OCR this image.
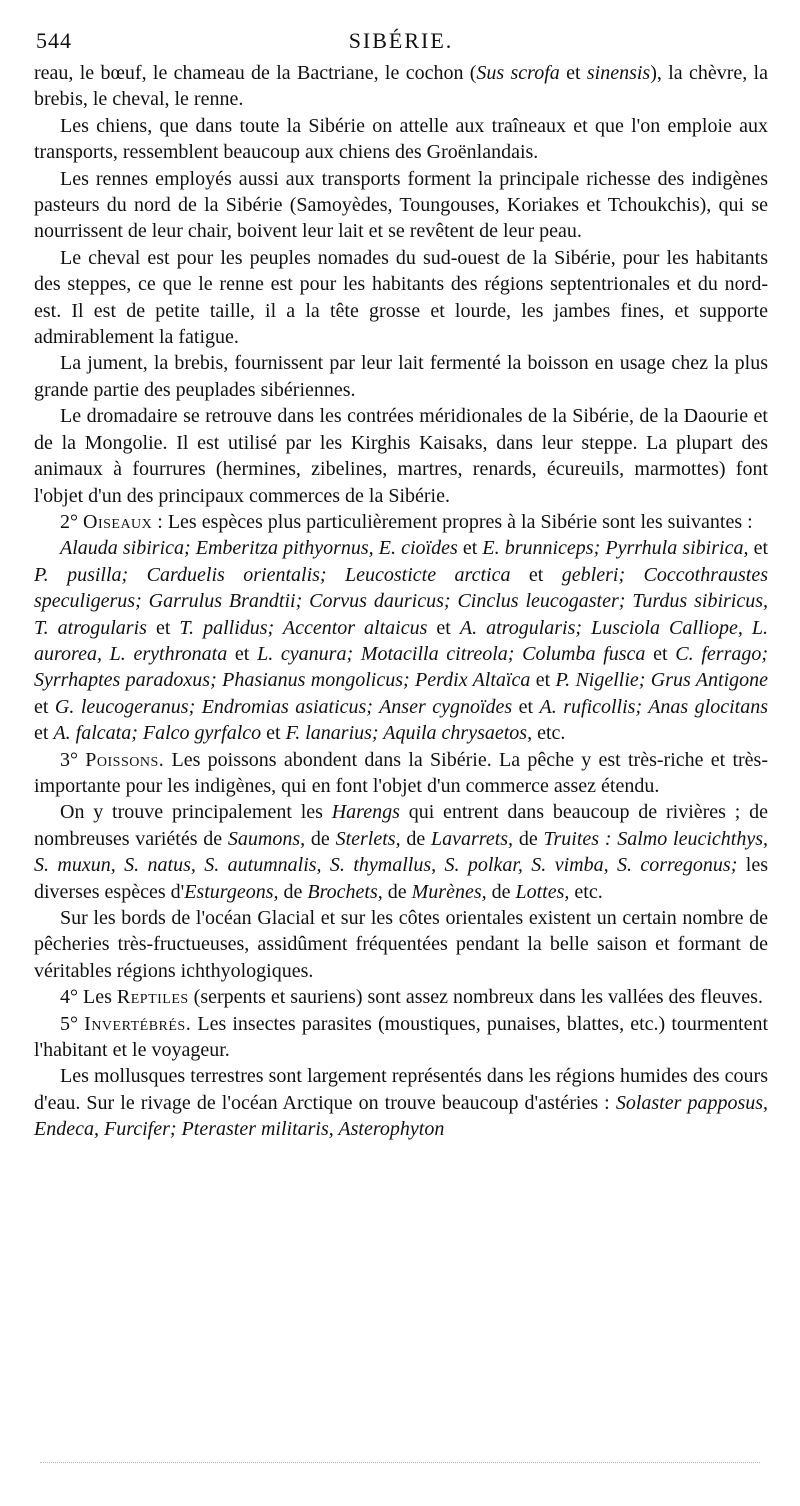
544	SIBÉRIE.

reau, le bœuf, le chameau de la Bactriane, le cochon (Sus scrofa et sinensis), la chèvre, la brebis, le cheval, le renne.

Les chiens, que dans toute la Sibérie on attelle aux traîneaux et que l'on emploie aux transports, ressemblent beaucoup aux chiens des Groënlandais.

Les rennes employés aussi aux transports forment la principale richesse des indigènes pasteurs du nord de la Sibérie (Samoyèdes, Toungouses, Koriakes et Tchoukchis), qui se nourrissent de leur chair, boivent leur lait et se revêtent de leur peau.

Le cheval est pour les peuples nomades du sud-ouest de la Sibérie, pour les habitants des steppes, ce que le renne est pour les habitants des régions septentrionales et du nord-est. Il est de petite taille, il a la tête grosse et lourde, les jambes fines, et supporte admirablement la fatigue.

La jument, la brebis, fournissent par leur lait fermenté la boisson en usage chez la plus grande partie des peuplades sibériennes.

Le dromadaire se retrouve dans les contrées méridionales de la Sibérie, de la Daourie et de la Mongolie. Il est utilisé par les Kirghis Kaisaks, dans leur steppe. La plupart des animaux à fourrures (hermines, zibelines, martres, renards, écureuils, marmottes) font l'objet d'un des principaux commerces de la Sibérie.

2° Oiseaux : Les espèces plus particulièrement propres à la Sibérie sont les suivantes :

Alauda sibirica; Emberitza pithyornus, E. cioïdes et E. brunniceps; Pyrrhula sibirica, et P. pusilla; Carduelis orientalis; Leucosticte arctica et gebleri; Coccothraustes speculigerus; Garrulus Brandtii; Corvus dauricus; Cinclus leucogaster; Turdus sibiricus, T. atrogularis et T. pallidus; Accentor altaicus et A. atrogularis; Lusciola Calliope, L. aurorea, L. erythronata et L. cyanura; Motacilla citreola; Columba fusca et C. ferrago; Syrrhaptes paradoxus; Phasianus mongolicus; Perdix Altaïca et P. Nigellie; Grus Antigone et G. leucogeranus; Endromias asiaticus; Anser cygnoïdes et A. ruficollis; Anas glocitans et A. falcata; Falco gyrfalco et F. lanarius; Aquila chrysaetos, etc.

3° Poissons. Les poissons abondent dans la Sibérie. La pêche y est très-riche et très-importante pour les indigènes, qui en font l'objet d'un commerce assez étendu.

On y trouve principalement les Harengs qui entrent dans beaucoup de rivières ; de nombreuses variétés de Saumons, de Sterlets, de Lavarrets, de Truites : Salmo leucichthys, S. muxun, S. natus, S. autumnalis, S. thymallus, S. polkar, S. vimba, S. corregonus; les diverses espèces d'Esturgeons, de Brochets, de Murènes, de Lottes, etc.

Sur les bords de l'océan Glacial et sur les côtes orientales existent un certain nombre de pêcheries très-fructueuses, assidûment fréquentées pendant la belle saison et formant de véritables régions ichthyologiques.

4° Les Reptiles (serpents et sauriens) sont assez nombreux dans les vallées des fleuves.

5° Invertébrés. Les insectes parasites (moustiques, punaises, blattes, etc.) tourmentent l'habitant et le voyageur.

Les mollusques terrestres sont largement représentés dans les régions humides des cours d'eau. Sur le rivage de l'océan Arctique on trouve beaucoup d'astéries : Solaster papposus, Endeca, Furcifer; Pteraster militaris, Asterophyton
